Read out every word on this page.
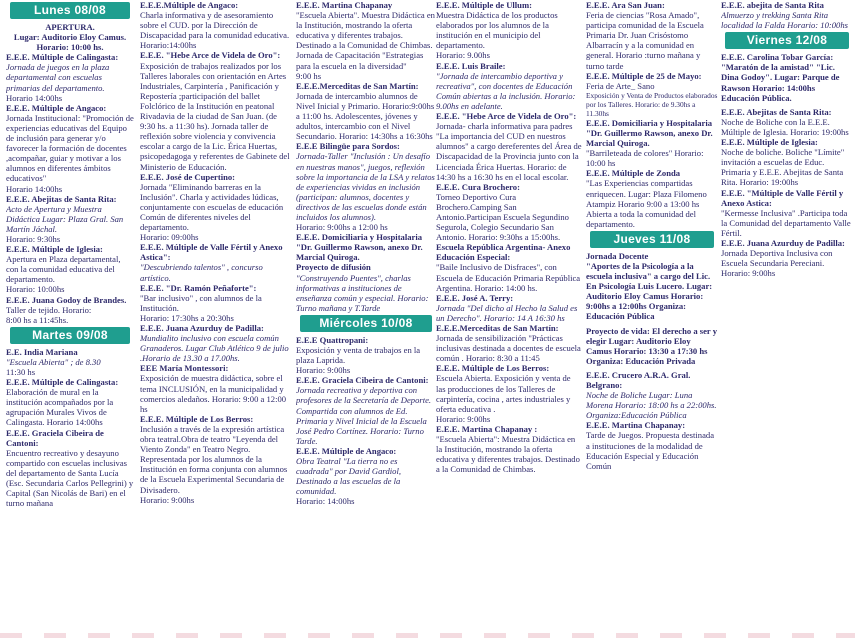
Lunes 08/08
APERTURA.
Lugar: Auditorio Eloy Camus.
Horario: 10:00 hs.
E.E.E. Múltiple de Calingasta:
Jornada de juegos en la plaza departamental con escuelas primarias del departamento.
Horario 14:00hs
E.E.E. Múltiple de Angaco:
Jornada Institucional: "Promoción de experiencias educativas del Equipo de inclusión para generar y/o favorecer la formación de docentes ,acompañar, guiar y motivar a los alumnos en diferentes ámbitos educativos"
Horario 14:00hs
E.E.E. Abejitas de Santa Rita:
Acto de Apertura y Muestra Didáctica Lugar: Plaza Gral. San Martín Jáchal.
Horario: 9:30hs
E.E.E. Múltiple de Iglesia:
Apertura en Plaza departamental, con la comunidad educativa del departamento.
Horario: 10:00hs
E.E.E. Juana Godoy de Brandes.
Taller de tejido. Horario:
8:00 hs a 11:45hs.
Martes 09/08
E.E. India Mariana
"Escuela Abierta" ; de 8.30
11:30 hs
E.E.E. Múltiple de Calingasta:
Elaboración de mural en la institución acompañados por la agrupación Murales Vivos de Calingasta. Horario 14:00hs
E.E.E. Graciela Cibeira de Cantoni:
Encuentro recreativo y desayuno compartido con escuelas inclusivas del departamento de Santa Lucía (Esc. Secundaria Carlos Pellegrini) y Capital (San Nicolás de Bari) en el turno mañana
E.E.E.Múltiple de Angaco:
Charla informativa y de asesoramiento sobre el CUD. por la Dirección de Discapacidad para la comunidad educativa.
Horario:14:00hs
E.E.E. "Hebe Arce de Videla de Oro":
Exposición de trabajos realizados por los Talleres laborales con orientación en Artes Industriales, Carpintería , Panificación y Repostería ;participación del ballet Folclórico de la Institución en peatonal Rivadavia de la ciudad de San Juan. (de 9:30 hs. a 11:30 hs). Jornada taller de reflexión sobre violencia y convivencia escolar a cargo de la Lic. Érica Huertas, psicopedagoga y referentes de Gabinete del Ministerio de Educación.
E.E.E. José de Cupertino:
Jornada "Eliminando barreras en la Inclusión". Charla y actividades lúdicas, conjuntamente con escuelas de educación Común de diferentes niveles del departamento.
Horario: 09:00hs
E.E.E. Múltiple de Valle Fértil y Anexo Astica":
"Descubriendo talentos" , concurso artístico.
E.E.E. "Dr. Ramón Peñaforte":
"Bar inclusivo" , con alumnos de la Institución.
Horario: 17:30hs a 20:30hs
E.E.E. Juana Azurduy de Padilla:
Mundialito inclusivo con escuela común Granaderos. Lugar Club Atlético 9 de julio .Horario de 13.30 a 17.00hs.
EEE María Montessori:
Exposición de muestra didáctica, sobre el tema INCLUSIÓN, en la municipalidad y comercios aledaños. Horario: 9:00 a 12:00 hs
E.E.E. Múltiple de Los Berros:
Inclusión a través de la expresión artística obra teatral.Obra de teatro "Leyenda del Viento Zonda" en Teatro Negro. Representada por los alumnos de la Institución en forma conjunta con alumnos de la Escuela Experimental Secundaria de Divisadero.
Horario: 9:00hs
E.E.E. Martina Chapanay
"Escuela Abierta". Muestra Didáctica en la Institución, mostrando la oferta educativa y diferentes trabajos. Destinado a la Comunidad de Chimbas.
Jornada de Capacitación "Estrategias para la escuela en la diversidad"
9:00 hs
E.E.E.Merceditas de San Martín:
Jornada de intercambio alumnos de Nivel Inicial y Primario. Horario:9:00hs a 11:00 hs. Adolescentes, jóvenes y adultos, intercambio con el Nivel Secundario. Horario: 14:30hs a 16:30hs
E.E.E Bilingüe para Sordos:
Jornada-Taller "Inclusión : Un desafío en nuestras manos", juegos, reflexión sobre la importancia de la LSA y relatos de experiencias vividas en inclusión (participan: alumnos, docentes y directivos de las escuelas donde están incluidos los alumnos).
Horario: 9:00hs a 12:00 hs
E.E.E. Domiciliaria y Hospitalaria "Dr. Guillermo Rawson, anexo Dr. Marcial Quiroga.
Proyecto de difusión
"Construyendo Puentes", charlas informativas a instituciones de enseñanza común y especial. Horario: Turno mañana y T.Tarde
Miércoles 10/08
E.E.E Quattropani:
Exposición y venta de trabajos en la plaza Laprida.
Horario: 9:00hs
E.E.E. Graciela Cibeira de Cantoni:
Jornada recreativa y deportiva con profesores de la Secretaría de Deporte. Compartida con alumnos de Ed. Primaria y Nivel Inicial de la Escuela José Pedro Cortínez. Horario: Turno Tarde.
E.E.E. Múltiple de Angaco:
Obra Teatral "La tierra no es cuadrada" por David Gardiol, Destinado a las escuelas de la comunidad.
Horario: 14:00hs
E.E.E. Múltiple de Ullum:
Muestra Didáctica de los productos elaborados por los alumnos de la institución en el municipio del departamento.
Horario: 9.00hs
E.E.E. Luis Braile:
"Jornada de intercambio deportiva y recreativa", con docentes de Educación Común abiertas a la inclusión. Horario: 9.00hs en adelante.
E.E.E. "Hebe Arce de Videla de Oro":
Jornada- charla informativa para padres "La importancia del CUD en nuestros alumnos" a cargo dereferentes del Área de Discapacidad de la Provincia junto con la Licenciada Érica Huertas. Horario: de 14:30 hs a 16:30 hs en el local escolar.
E.E.E. Cura Brochero:
Torneo Deportivo Cura Brochero.Camping San Antonio.Participan Escuela Segundino Segurola, Colegio Secundario San Antonio. Horario: 9:30hs a 15:00hs.
Escuela República Argentina- Anexo Educación Especial:
"Baile Inclusivo de Disfraces", con Escuela de Educación Primaria República Argentina. Horario: 14:00 hs.
E.E.E. José A. Terry:
Jornada "Del dicho al Hecho la Salud es un Derecho". Horario: 14 A 16:30 hs
E.E.E.Merceditas de San Martín:
Jornada de sensibilización "Prácticas inclusivas destinada a docentes de escuela común . Horario: 8:30 a 11:45
E.E.E. Múltiple de Los Berros:
Escuela Abierta. Exposición y venta de las producciones de los Talleres de carpintería, cocina , artes industriales y oferta educativa .
Horario: 9:00hs
E.E.E. Martina Chapanay :
"Escuela Abierta": Muestra Didáctica en la Institución, mostrando la oferta educativa y diferentes trabajos. Destinado a la Comunidad de Chimbas.
E.E.E. Ara San Juan:
Feria de ciencias "Rosa Amado", participa comunidad de la Escuela Primaria Dr. Juan Crisóstomo Albarracín y a la comunidad en general. Horario :turno mañana y turno tarde
E.E.E. Múltiple de 25 de Mayo:
Feria de Arte_ Sano
Exposición y Venta de Productos elaborados por los Talleres. Horario: de 9.30hs a 11.30hs
E.E.E. Domiciliaria y Hospitalaria "Dr. Guillermo Rawson, anexo Dr. Marcial Quiroga.
"Barrileteada de colores" Horario: 10:00 hs
E.E.E. Múltiple de Zonda
"Las Experiencias compartidas enriquecen. Lugar: Plaza Filomeno Atampiz Horario 9:00 a 13:00 hs Abierta a toda la comunidad del departamento.
Jueves 11/08
Jornada Docente
"Aportes de la Psicología a la escuela inclusiva" a cargo del Lic. En Psicología Luis Lucero. Lugar: Auditorio Eloy Camus Horario: 9:00hs a 12:00hs Organiza: Educación Pública
Proyecto de vida: El derecho a ser y elegir Lugar: Auditorio Eloy Camus Horario: 13:30 a 17:30 hs Organiza: Educación Privada
E.E.E. Crucero A.R.A. Gral. Belgrano:
Noche de Boliche Lugar: Luna Morena Horario: 18:00 hs a 22:00hs. Organiza:Educación Pública
E.E.E. Martina Chapanay:
Tarde de Juegos. Propuesta destinada a instituciones de la modalidad de Educación Especial y Educación Común
E.E.E. abejita de Santa Rita
Almuerzo y trekking Santa Rita localidad la Falda Horario: 10:00hs
Viernes 12/08
E.E.E. Carolina Tobar García: "Maratón de la amistad" "Lic. Dina Godoy". Lugar: Parque de Rawson Horario: 14:00hs Educación Pública.
E.E.E. Abejitas de Santa Rita:
Noche de Boliche con la E.E.E. Múltiple de Iglesia. Horario: 19:00hs
E.E.E. Múltiple de Iglesia:
Noche de boliche. Boliche "Límite" invitación a escuelas de Educ. Primaria y E.E.E. Abejitas de Santa Rita. Horario: 19:00hs
E.E.E. "Múltiple de Valle Fértil y Anexo Astica:
"Kermesse Inclusiva" .Participa toda la Comunidad del departamento Valle Fértil.
E.E.E. Juana Azurduy de Padilla:
Jornada Deportiva Inclusiva con Escuela Secundaria Pereciani. Horario: 9:00hs
